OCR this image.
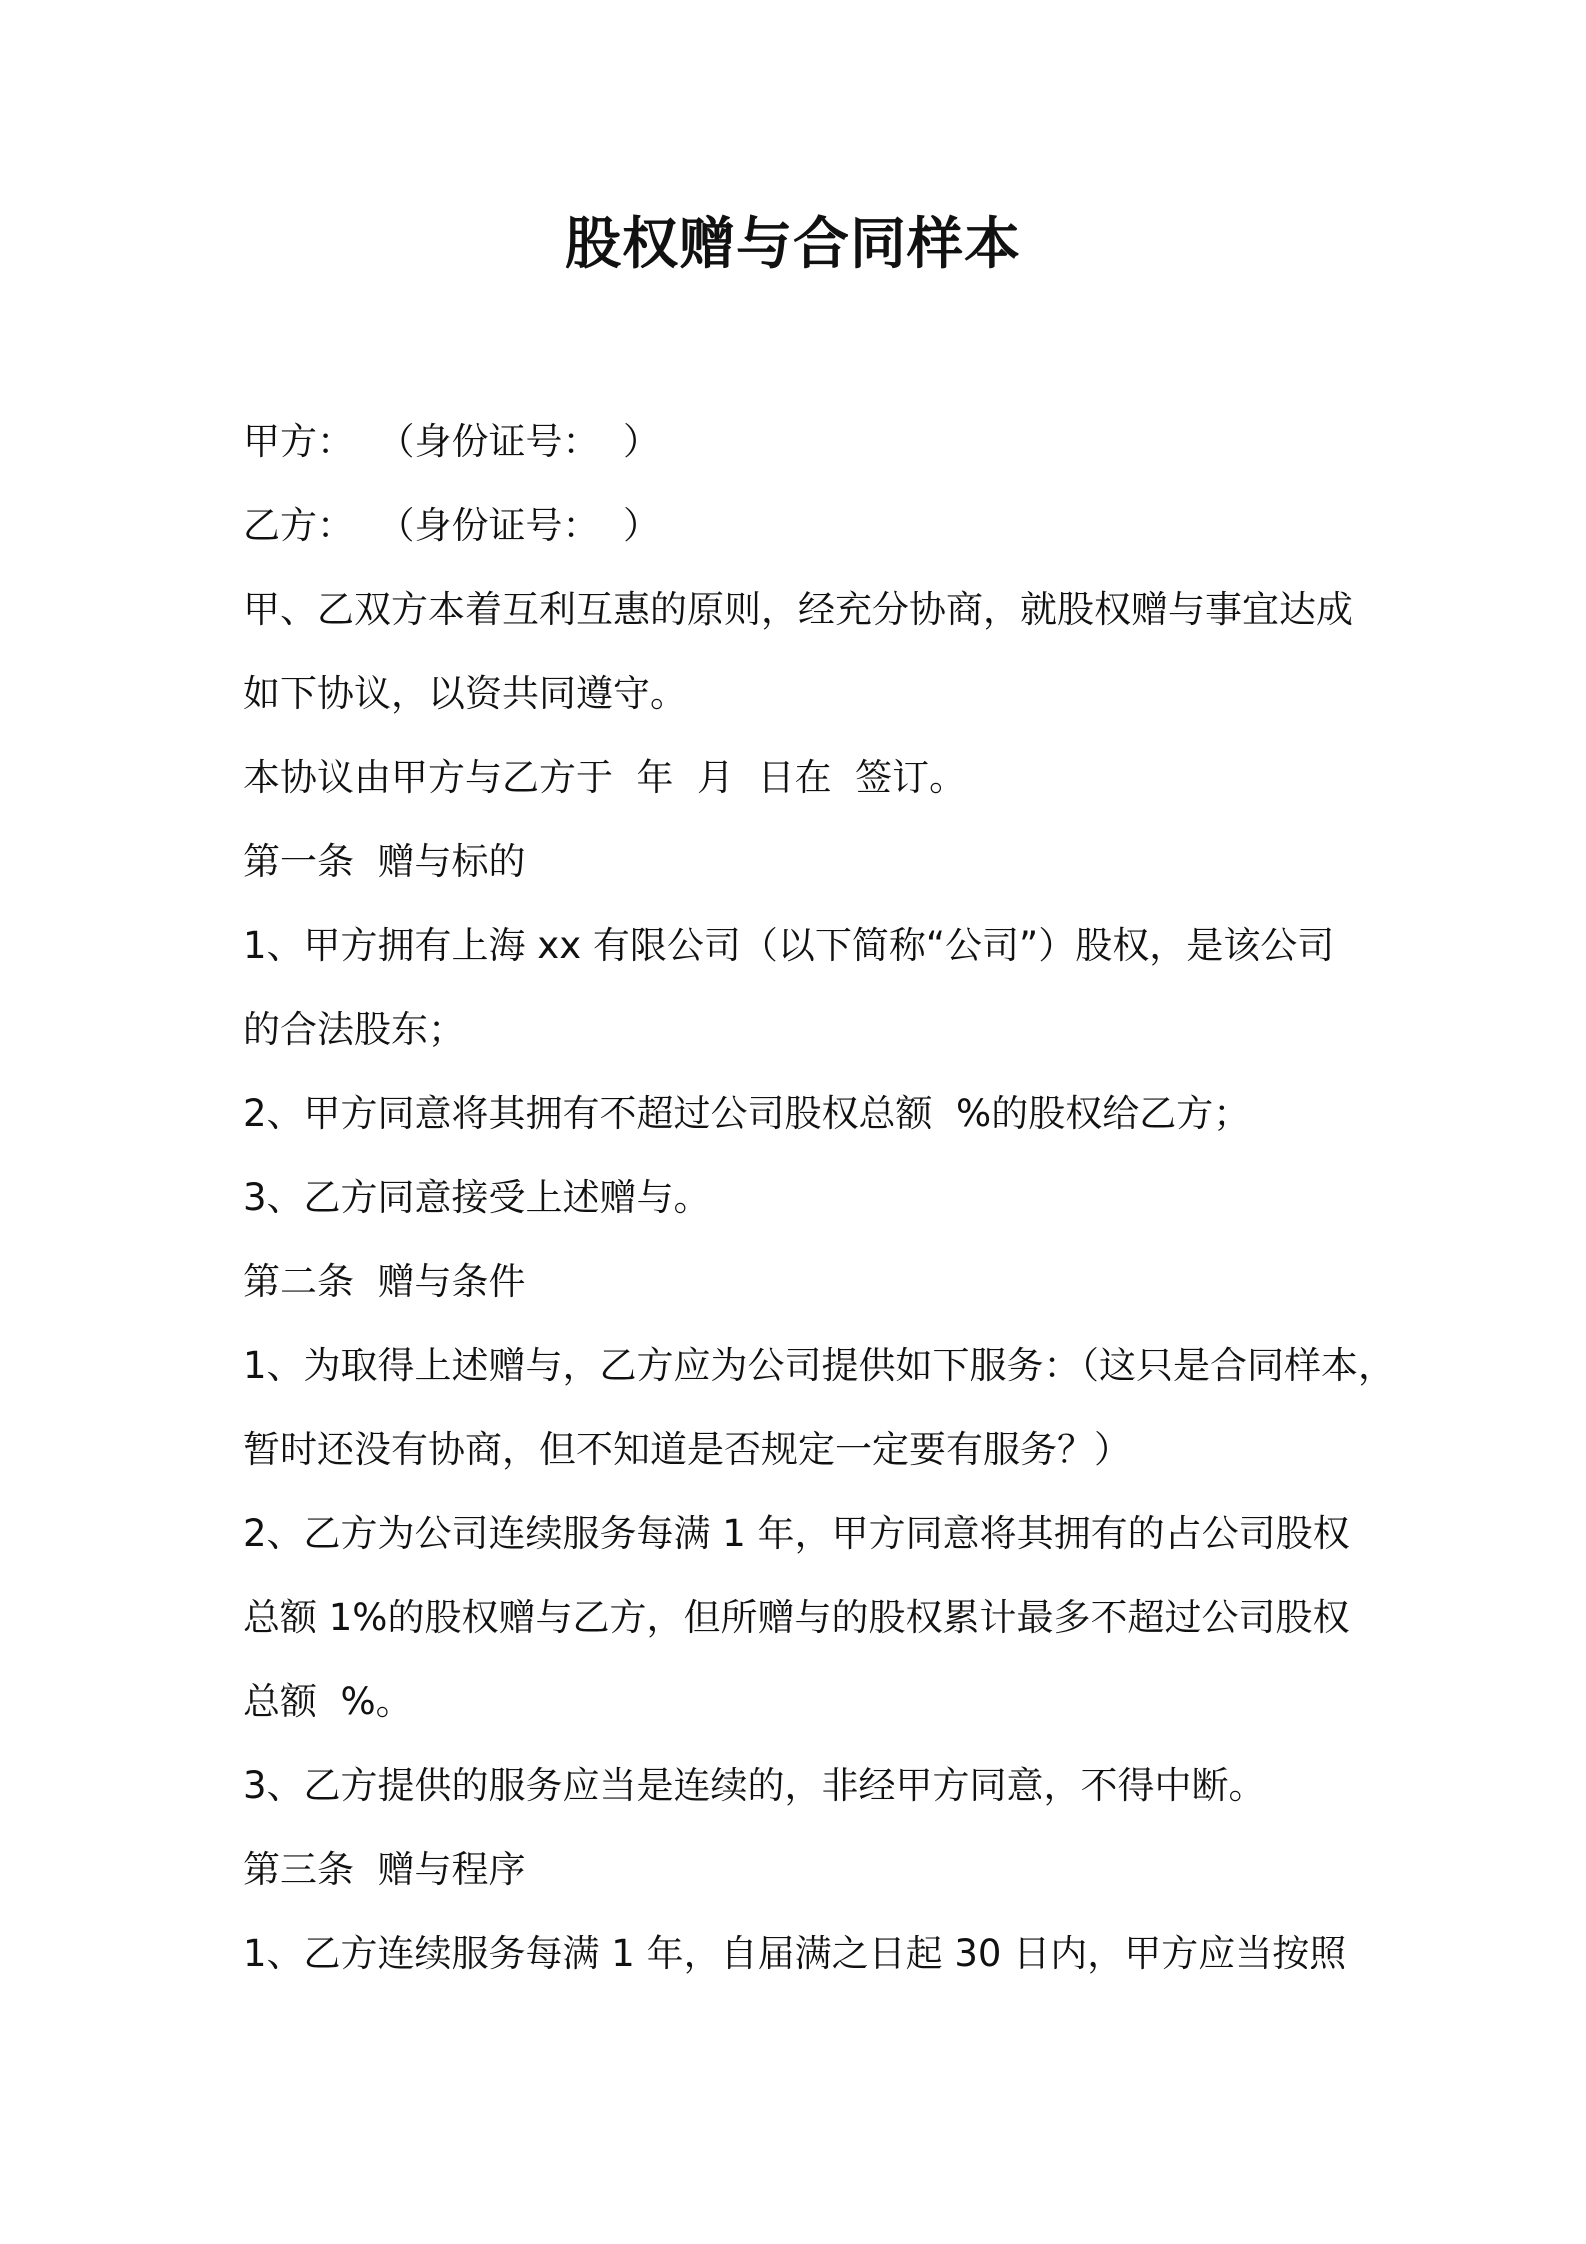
股权赠与合同样本

甲方：  （身份证号：  ）

乙方：  （身份证号：  ）

甲、乙双方本着互利互惠的原则，经充分协商，就股权赠与事宜达成

如下协议，以资共同遵守。

本协议由甲方与乙方于  年  月  日在  签订。

第一条  赠与标的

1、甲方拥有上海 xx 有限公司（以下简称“公司”）股权，是该公司

的合法股东；

2、甲方同意将其拥有不超过公司股权总额  %的股权给乙方；

3、乙方同意接受上述赠与。

第二条  赠与条件

1、为取得上述赠与，乙方应为公司提供如下服务：（这只是合同样本，

暂时还没有协商，但不知道是否规定一定要有服务？）

2、乙方为公司连续服务每满 1 年，甲方同意将其拥有的占公司股权

总额 1%的股权赠与乙方，但所赠与的股权累计最多不超过公司股权

总额  %。

3、乙方提供的服务应当是连续的，非经甲方同意，不得中断。

第三条  赠与程序

1、乙方连续服务每满 1 年，自届满之日起 30 日内，甲方应当按照
